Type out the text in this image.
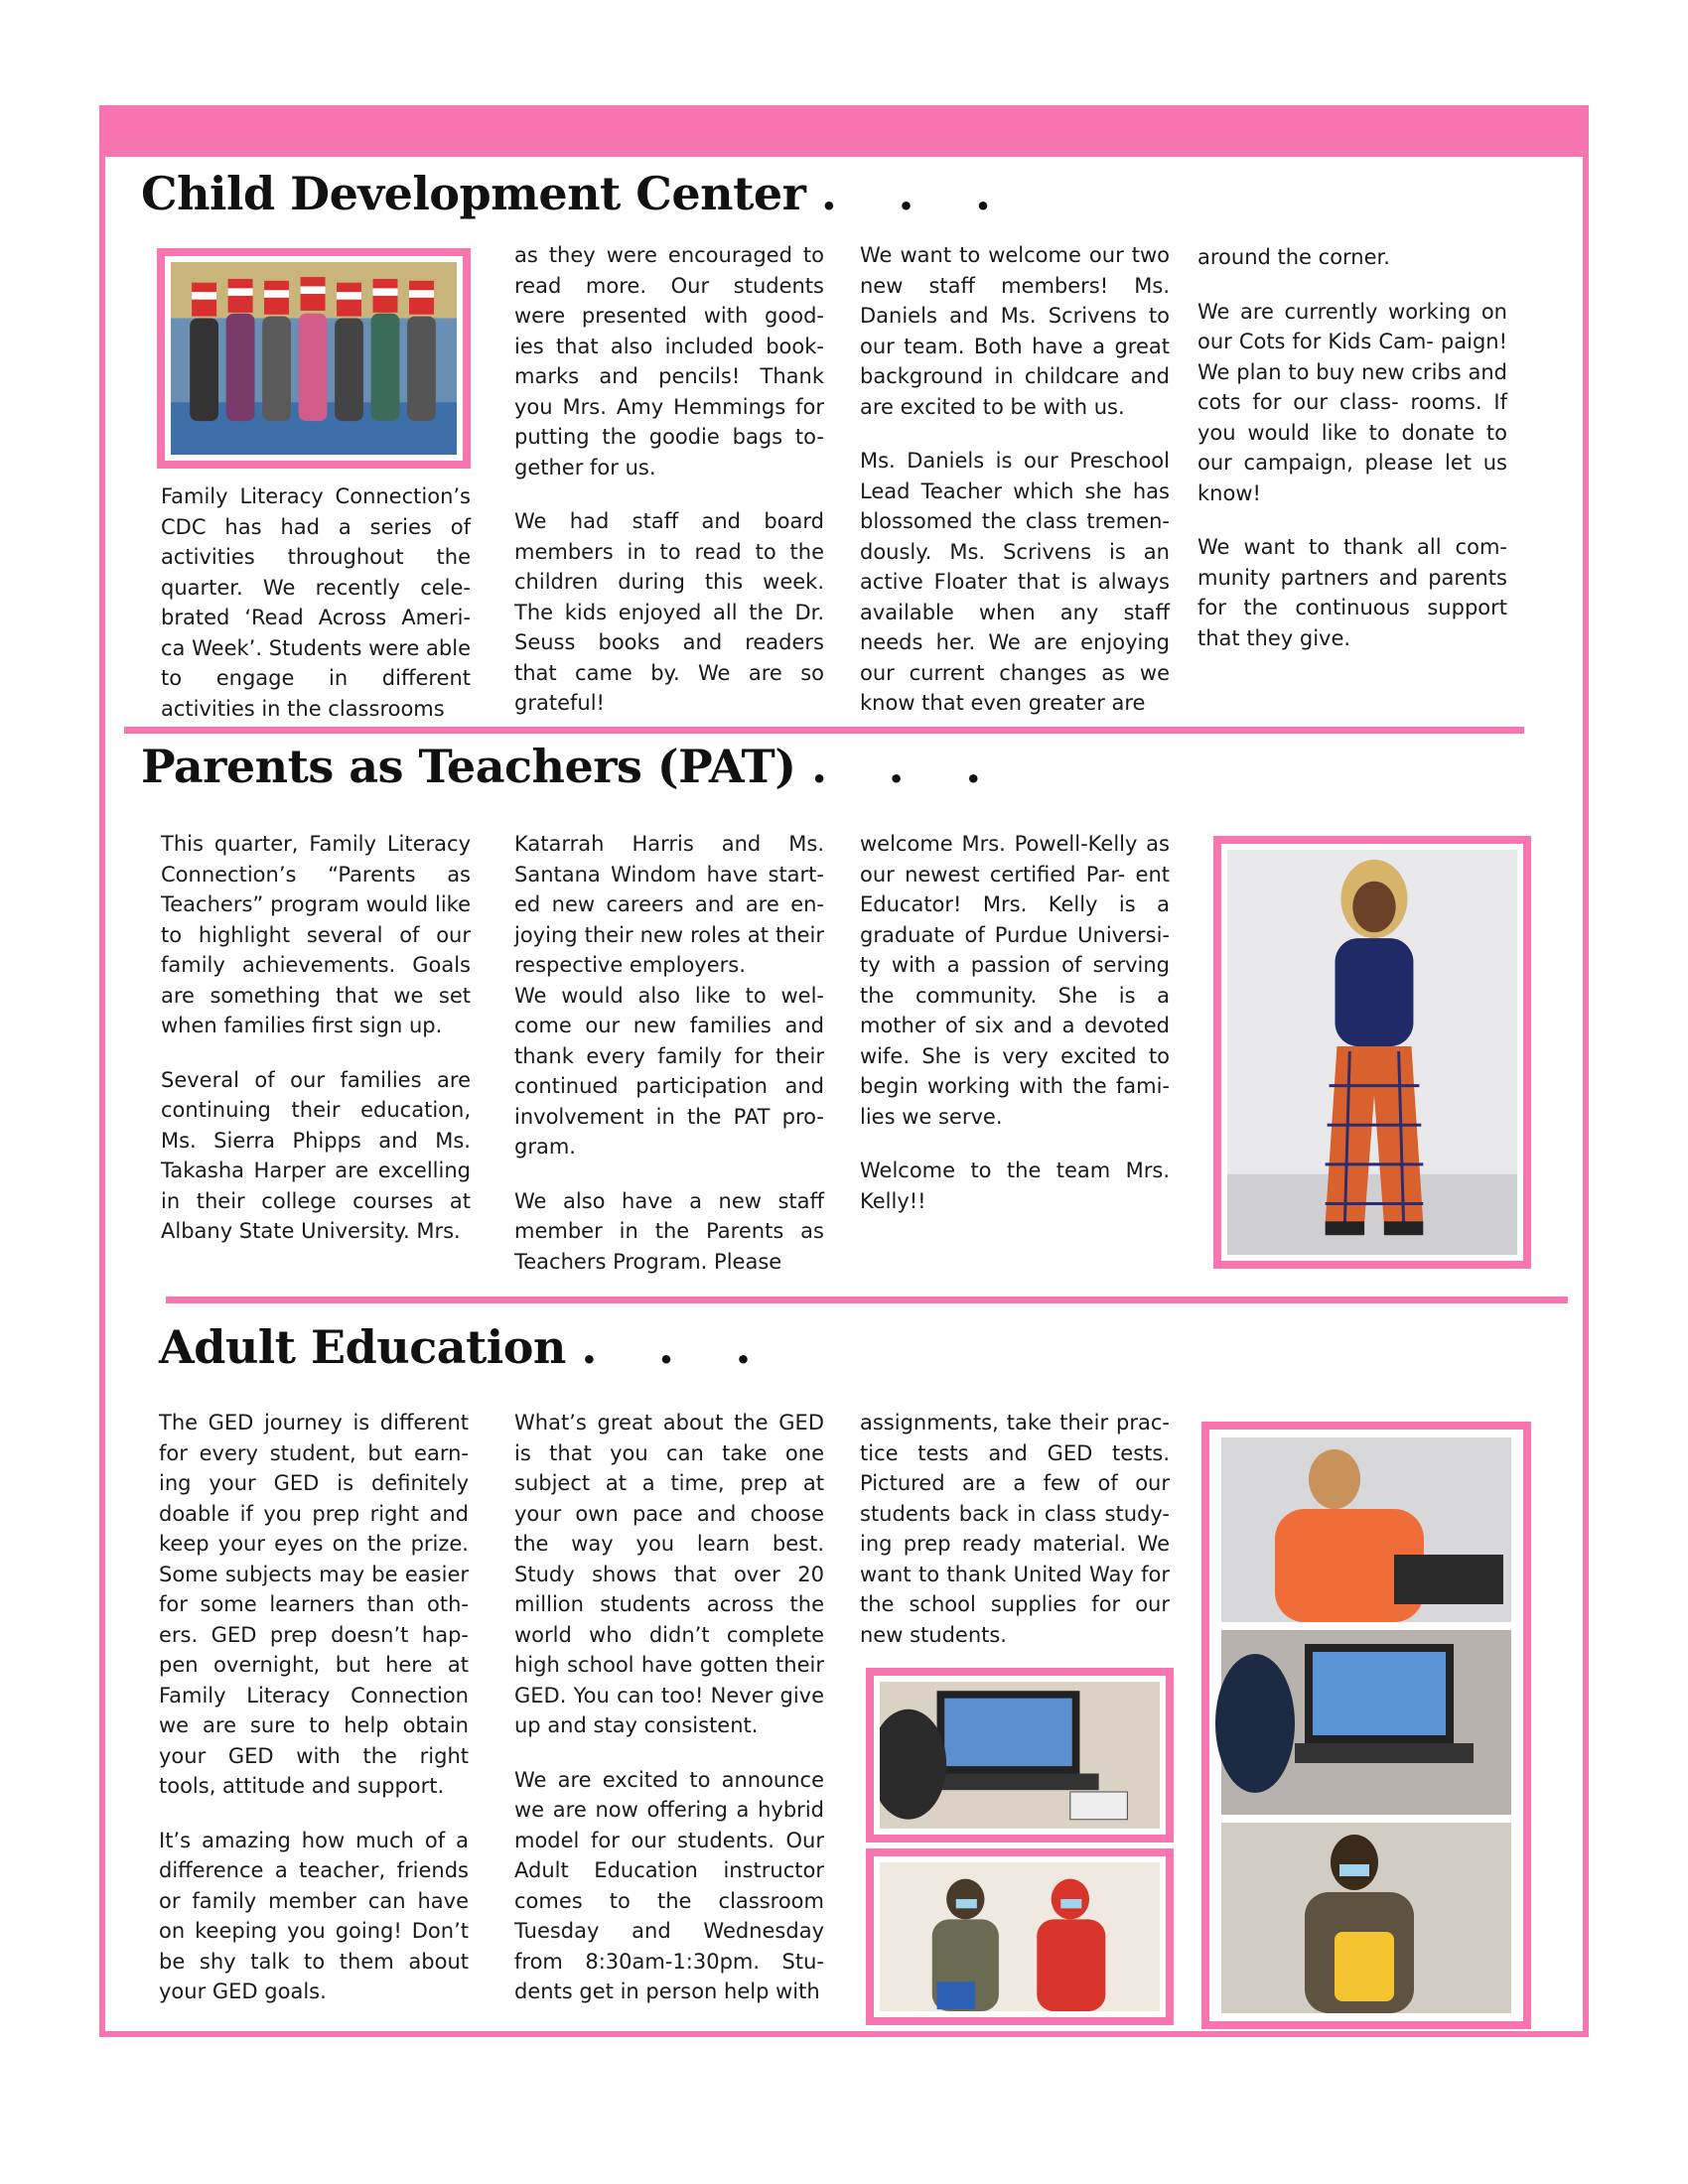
Child Development Center .    .    .

Family Literacy Connection’s CDC has had a series of activities throughout the quarter. We recently cele- brated ‘Read Across Ameri- ca Week’. Students were able to engage in different activities in the classrooms

as they were encouraged to read more. Our students were presented with good- ies that also included book- marks and pencils! Thank you Mrs. Amy Hemmings for putting the goodie bags to- gether for us.

We had staff and board members in to read to the children during this week. The kids enjoyed all the Dr. Seuss books and readers that came by. We are so grateful!

We want to welcome our two new staff members! Ms. Daniels and Ms. Scrivens to our team. Both have a great background in childcare and are excited to be with us.

Ms. Daniels is our Preschool Lead Teacher which she has blossomed the class tremen- dously. Ms. Scrivens is an active Floater that is always available when any staff needs her. We are enjoying our current changes as we know that even greater are

around the corner.

We are currently working on our Cots for Kids Cam- paign! We plan to buy new cribs and cots for our class- rooms. If you would like to donate to our campaign, please let us know!

We want to thank all com- munity partners and parents for the continuous support that they give.

Parents as Teachers (PAT) .    .    .

This quarter, Family Literacy Connection’s “Parents as Teachers” program would like to highlight several of our family achievements. Goals are something that we set when families first sign up.

Several of our families are continuing their education, Ms. Sierra Phipps and Ms. Takasha Harper are excelling in their college courses at Albany State University. Mrs.

Katarrah Harris and Ms. Santana Windom have start- ed new careers and are en- joying their new roles at their respective employers.

We would also like to wel- come our new families and thank every family for their continued participation and involvement in the PAT pro- gram.

We also have a new staff member in the Parents as Teachers Program. Please

welcome Mrs. Powell-Kelly as our newest certified Par- ent Educator! Mrs. Kelly is a graduate of Purdue Universi- ty with a passion of serving the community. She is a mother of six and a devoted wife. She is very excited to begin working with the fami- lies we serve.

Welcome to the team Mrs. Kelly!!

Adult Education .    .    .

The GED journey is different for every student, but earn- ing your GED is definitely doable if you prep right and keep your eyes on the prize. Some subjects may be easier for some learners than oth- ers. GED prep doesn’t hap- pen overnight, but here at Family Literacy Connection we are sure to help obtain your GED with the right tools, attitude and support.

It’s amazing how much of a difference a teacher, friends or family member can have on keeping you going! Don’t be shy talk to them about your GED goals.

What’s great about the GED is that you can take one subject at a time, prep at your own pace and choose the way you learn best. Study shows that over 20 million students across the world who didn’t complete high school have gotten their GED. You can too! Never give up and stay consistent.

We are excited to announce we are now offering a hybrid model for our students. Our Adult Education instructor comes to the classroom Tuesday and Wednesday from 8:30am-1:30pm. Stu- dents get in person help with

assignments, take their prac- tice tests and GED tests. Pictured are a few of our students back in class study- ing prep ready material. We want to thank United Way for the school supplies for our new students.
